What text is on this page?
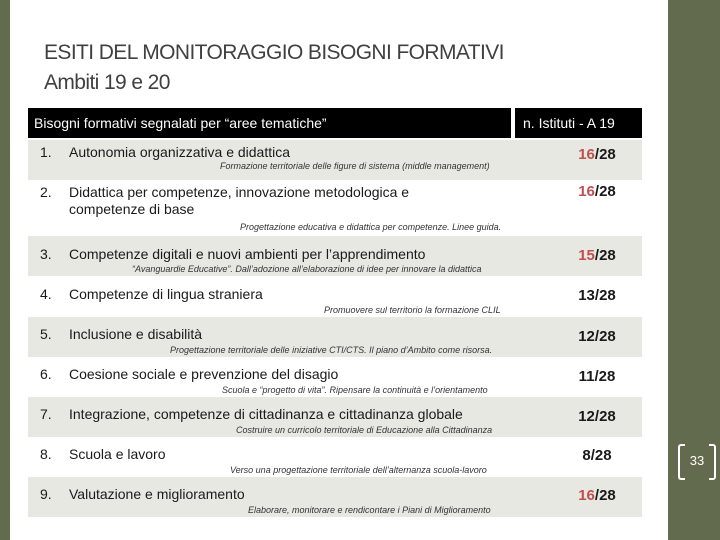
ESITI DEL MONITORAGGIO BISOGNI FORMATIVI
Ambiti 19 e 20
Bisogni formativi segnalati per “aree tematiche”	n. Istituti - A 19
1. Autonomia organizzativa e didattica
Formazione territoriale delle figure di sistema (middle management)
16/28
2. Didattica per competenze, innovazione metodologica e
competenze di base
Progettazione educativa e didattica per competenze. Linee guida.
16/28
3. Competenze digitali e nuovi ambienti per l’apprendimento
“Avanguardie Educative”. Dall’adozione all’elaborazione di idee per innovare la didattica
15/28
4. Competenze di lingua straniera
Promuovere sul territorio la formazione CLIL
13/28
5. Inclusione e disabilità
Progettazione territoriale delle iniziative CTI/CTS. Il piano d’Ambito come risorsa.
12/28
6. Coesione sociale e prevenzione del disagio
Scuola e “progetto di vita”. Ripensare la continuità e l’orientamento
11/28
7. Integrazione, competenze di cittadinanza e cittadinanza globale
Costruire un curricolo territoriale di Educazione alla Cittadinanza
12/28
8. Scuola e lavoro
Verso una progettazione territoriale dell’alternanza scuola-lavoro
8/28
9. Valutazione e miglioramento
Elaborare, monitorare e rendicontare i Piani di Miglioramento
16/28
33
